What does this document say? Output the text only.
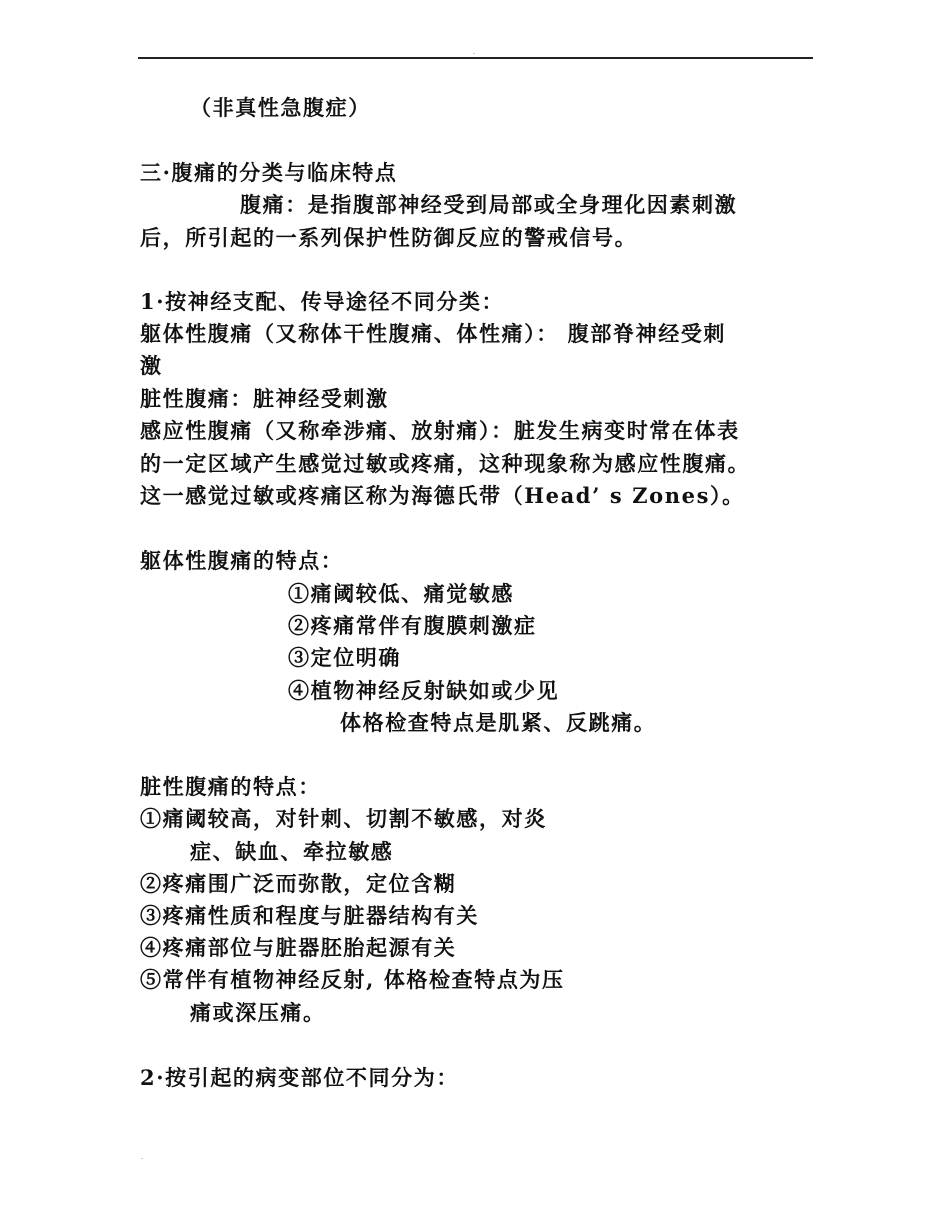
.
（非真性急腹症）
三·腹痛的分类与临床特点
腹痛：是指腹部神经受到局部或全身理化因素刺激
后，所引起的一系列保护性防御反应的警戒信号。
1·按神经支配、传导途径不同分类：
躯体性腹痛（又称体干性腹痛、体性痛）： 腹部脊神经受刺
激
脏性腹痛：脏神经受刺激
感应性腹痛（又称牵涉痛、放射痛）：脏发生病变时常在体表
的一定区域产生感觉过敏或疼痛，这种现象称为感应性腹痛。
这一感觉过敏或疼痛区称为海德氏带（Head’ s Zones）。
躯体性腹痛的特点：
①痛阈较低、痛觉敏感
②疼痛常伴有腹膜刺激症
③定位明确
④植物神经反射缺如或少见
体格检查特点是肌紧、反跳痛。
脏性腹痛的特点：
①痛阈较高，对针刺、切割不敏感，对炎
症、缺血、牵拉敏感
②疼痛围广泛而弥散，定位含糊
③疼痛性质和程度与脏器结构有关
④疼痛部位与脏器胚胎起源有关
⑤常伴有植物神经反射, 体格检查特点为压
痛或深压痛。
2·按引起的病变部位不同分为：
.
